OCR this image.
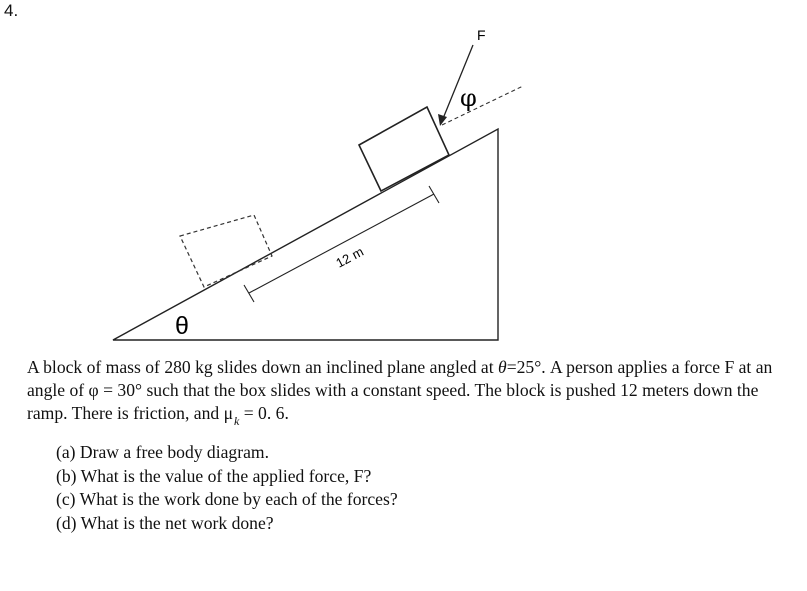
4.
F
φ
θ
12 m

A block of mass of 280 kg slides down an inclined plane angled at θ=25°. A person applies a force F at an angle of φ = 30° such that the box slides with a constant speed. The block is pushed 12 meters down the ramp. There is friction, and $\mu_k = 0$. 6.

(a) Draw a free body diagram.
(b) What is the value of the applied force, F?
(c) What is the work done by each of the forces?
(d) What is the net work done?
